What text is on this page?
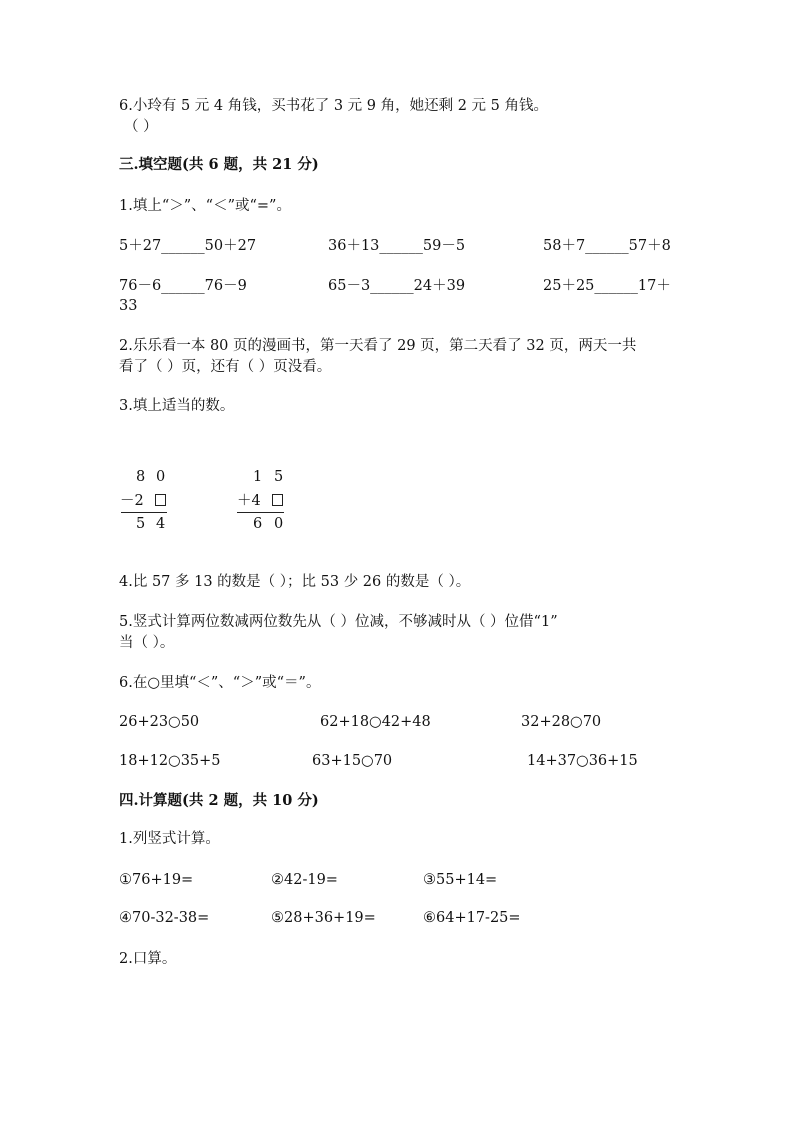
6.小玲有 5 元 4 角钱，买书花了 3 元 9 角，她还剩 2 元 5 角钱。
（ ）
三.填空题(共 6 题，共 21 分)
1.填上“＞”、“＜”或“=”。
5＋27______50＋27	36＋13______59－5	58＋7______57＋8
76－6______76－9	65－3______24＋39	25＋25______17＋
33
2.乐乐看一本 80 页的漫画书，第一天看了 29 页，第二天看了 32 页，两天一共
看了（ ）页，还有（ ）页没看。
3.填上适当的数。
8 0
－2
5 4
1 5
＋4
6 0
4.比 57 多 13 的数是（ ）；比 53 少 26 的数是（ ）。
5.竖式计算两位数减两位数先从（ ）位减，不够减时从（ ）位借“1”
当（ ）。
6.在○里填“＜”、“＞”或“＝”。
26+23○50	62+18○42+48	32+28○70
18+12○35+5	63+15○70	14+37○36+15
四.计算题(共 2 题，共 10 分)
1.列竖式计算。
①76+19=	②42-19=	③55+14=
④70-32-38=	⑤28+36+19=	⑥64+17-25=
2.口算。
